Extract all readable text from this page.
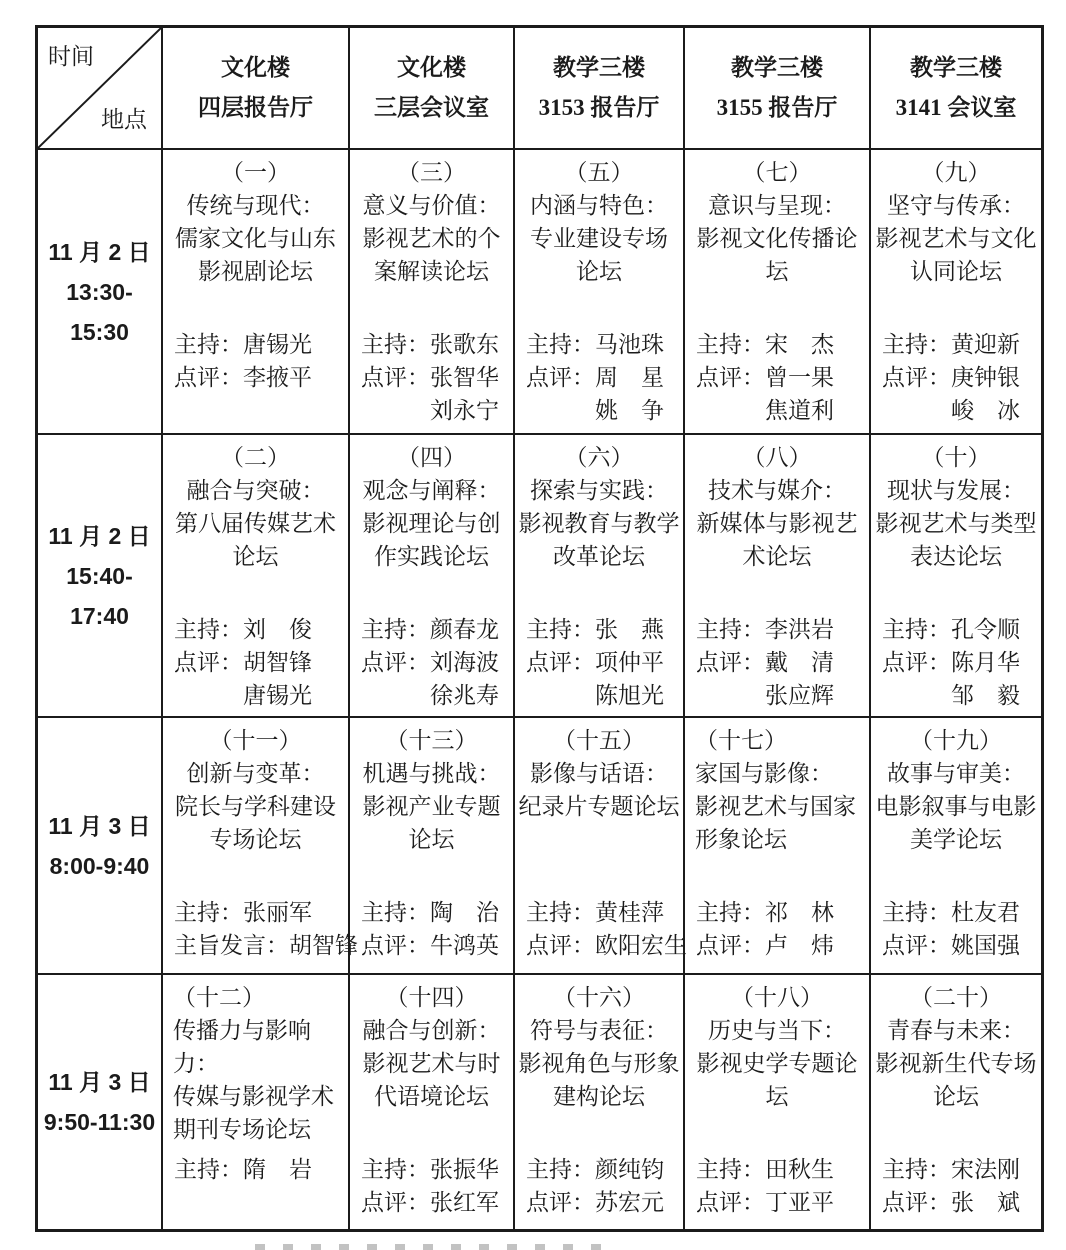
时间
地点
文化楼
四层报告厅
文化楼
三层会议室
教学三楼
3153 报告厅
教学三楼
3155 报告厅
教学三楼
3141 会议室
11 月 2 日
13:30-15:30
（一）
传统与现代：
儒家文化与山东
影视剧论坛
主持：唐锡光
点评：李掖平
（三）
意义与价值：
影视艺术的个
案解读论坛
主持：张歌东
点评：张智华
　　　刘永宁
（五）
内涵与特色：
专业建设专场
论坛
主持：马池珠
点评：周　星
　　　姚　争
（七）
意识与呈现：
影视文化传播论
坛
主持：宋　杰
点评：曾一果
　　　焦道利
（九）
坚守与传承：
影视艺术与文化
认同论坛
主持：黄迎新
点评：庚钟银
　　　峻　冰
11 月 2 日
15:40-17:40
（二）
融合与突破：
第八届传媒艺术
论坛
主持：刘　俊
点评：胡智锋
　　　唐锡光
（四）
观念与阐释：
影视理论与创
作实践论坛
主持：颜春龙
点评：刘海波
　　　徐兆寿
（六）
探索与实践：
影视教育与教学
改革论坛
主持：张　燕
点评：项仲平
　　　陈旭光
（八）
技术与媒介：
新媒体与影视艺
术论坛
主持：李洪岩
点评：戴　清
　　　张应辉
（十）
现状与发展：
影视艺术与类型
表达论坛
主持：孔令顺
点评：陈月华
　　　邹　毅
11 月 3 日
8:00-9:40
（十一）
创新与变革：
院长与学科建设
专场论坛
主持：张丽军
主旨发言：胡智锋
（十三）
机遇与挑战：
影视产业专题
论坛
主持：陶　治
点评：牛鸿英
（十五）
影像与话语：
纪录片专题论坛
主持：黄桂萍
点评：欧阳宏生
（十七）
家国与影像：
影视艺术与国家
形象论坛
主持：祁　林
点评：卢　炜
（十九）
故事与审美：
电影叙事与电影
美学论坛
主持：杜友君
点评：姚国强
11 月 3 日
9:50-11:30
（十二）
传播力与影响力：
传媒与影视学术
期刊专场论坛
主持：隋　岩
（十四）
融合与创新：
影视艺术与时
代语境论坛
主持：张振华
点评：张红军
（十六）
符号与表征：
影视角色与形象
建构论坛
主持：颜纯钧
点评：苏宏元
（十八）
历史与当下：
影视史学专题论
坛
主持：田秋生
点评：丁亚平
（二十）
青春与未来：
影视新生代专场
论坛
主持：宋法刚
点评：张　斌
